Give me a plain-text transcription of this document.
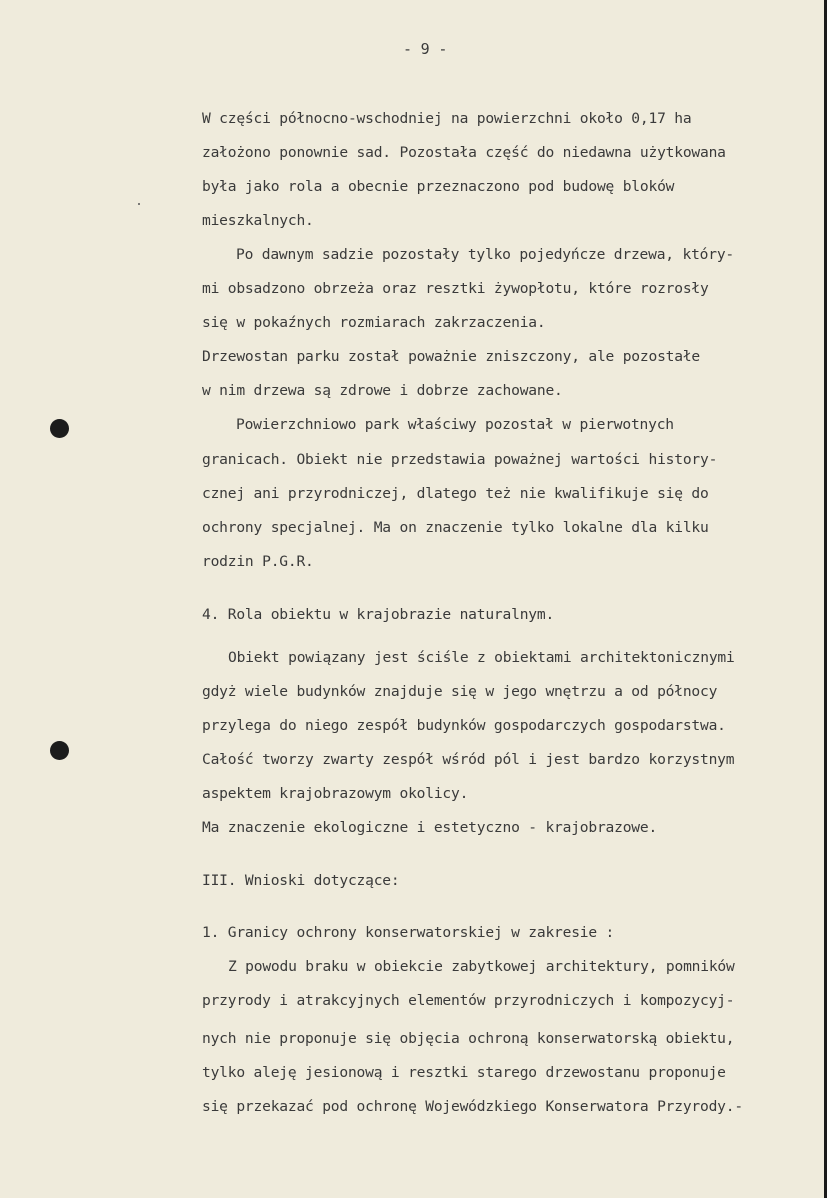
- 9 -
W części północno-wschodniej na powierzchni około 0,17 ha
założono ponownie sad. Pozostała część do niedawna użytkowana
była jako rola a obecnie przeznaczono pod budowę bloków
mieszkalnych.
Po dawnym sadzie pozostały tylko pojedyńcze drzewa, który-
mi obsadzono obrzeża oraz resztki żywopłotu, które rozrosły
się w pokaźnych rozmiarach zakrzaczenia.
Drzewostan parku został poważnie zniszczony, ale pozostałe
w nim drzewa są zdrowe i dobrze zachowane.
Powierzchniowo park właściwy pozostał w pierwotnych
granicach. Obiekt nie przedstawia poważnej wartości history-
cznej ani przyrodniczej, dlatego też nie kwalifikuje się do
ochrony specjalnej. Ma on znaczenie tylko lokalne dla kilku
rodzin P.G.R.
4. Rola obiektu w krajobrazie naturalnym.
Obiekt powiązany jest ściśle z obiektami architektonicznymi
gdyż wiele budynków znajduje się w jego wnętrzu a od północy
przylega do niego zespół budynków gospodarczych gospodarstwa.
Całość tworzy zwarty zespół wśród pól i jest bardzo korzystnym
aspektem krajobrazowym okolicy.
Ma znaczenie ekologiczne i estetyczno - krajobrazowe.
III. Wnioski dotyczące:
1. Granicy ochrony konserwatorskiej w zakresie :
Z powodu braku w obiekcie zabytkowej architektury, pomników
przyrody i atrakcyjnych elementów przyrodniczych i kompozycyj-
nych nie proponuje się objęcia ochroną konserwatorską obiektu,
tylko aleję jesionową i resztki starego drzewostanu proponuje
się przekazać pod ochronę Wojewódzkiego Konserwatora Przyrody.-
